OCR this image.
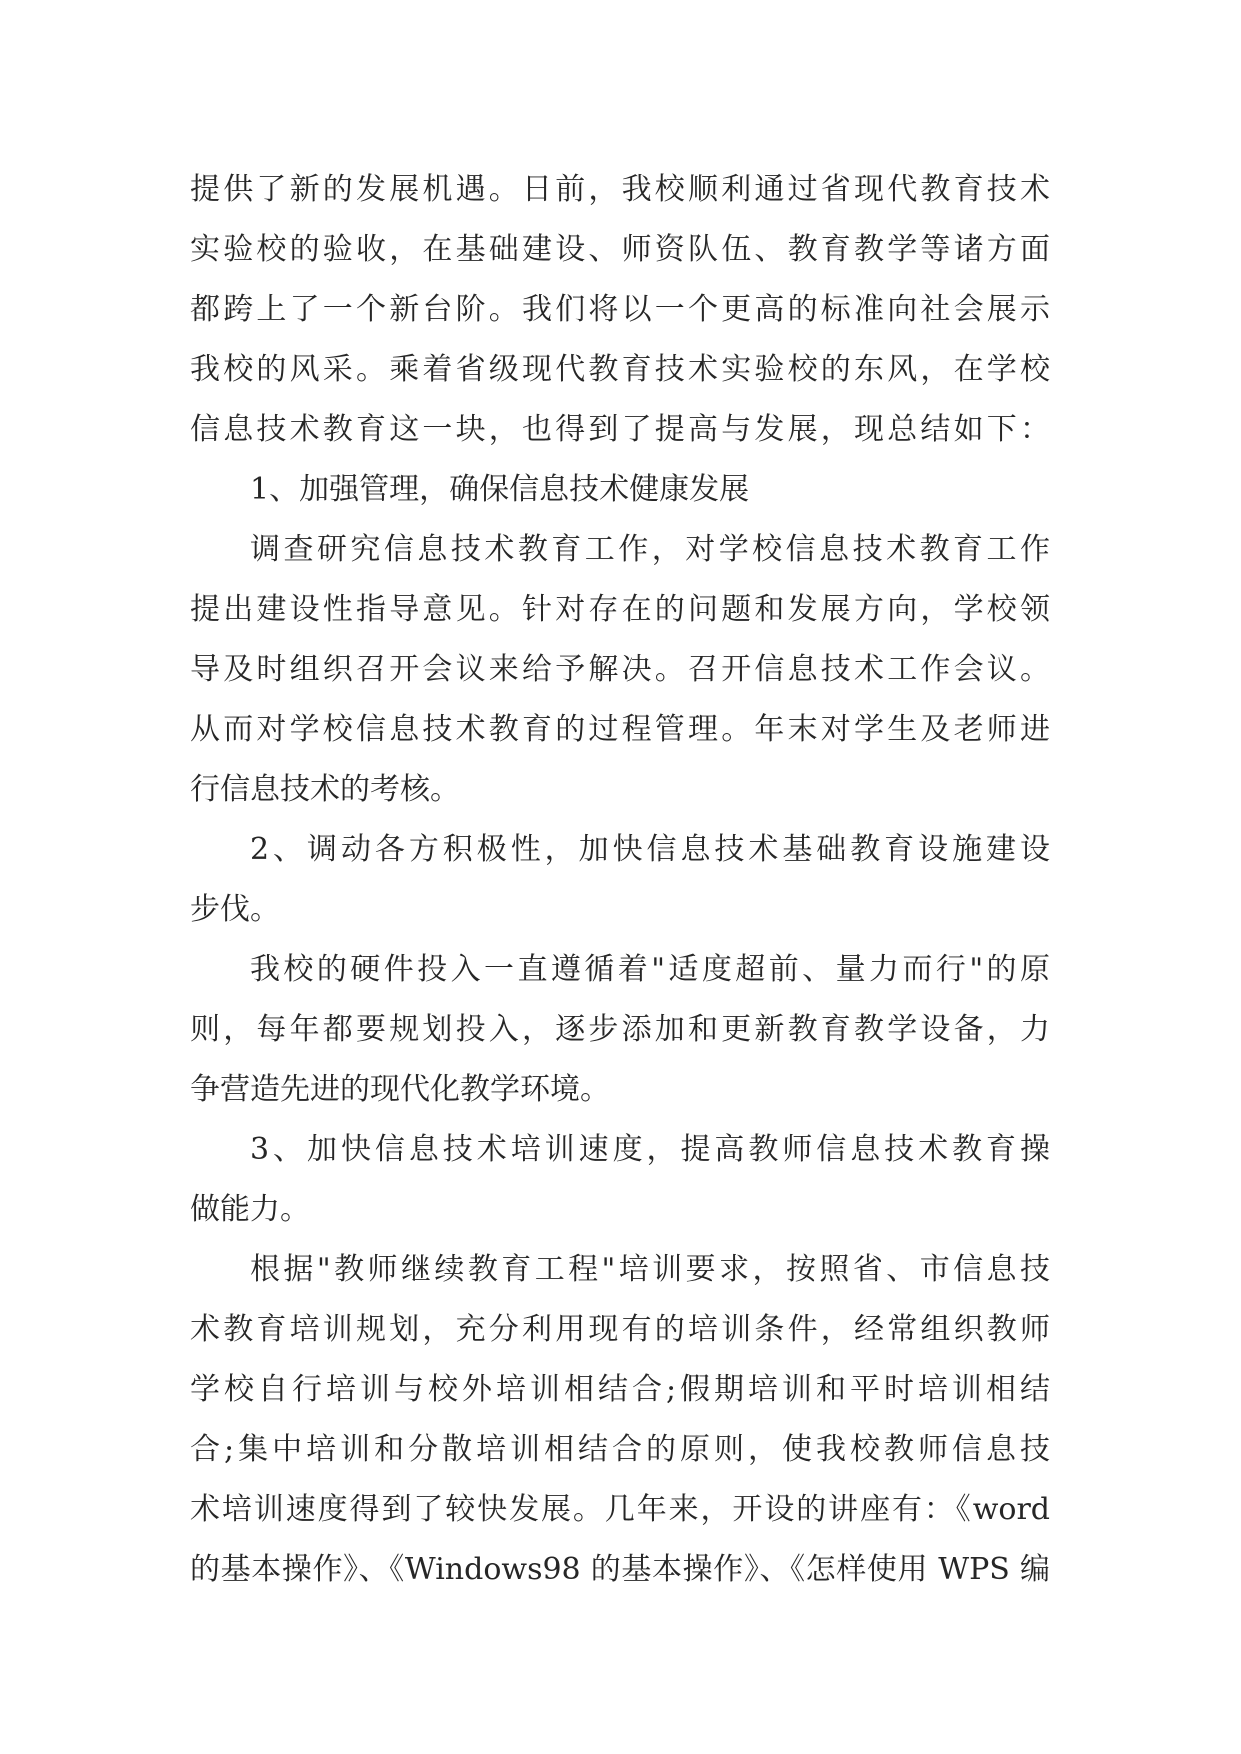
提供了新的发展机遇。日前，我校顺利通过省现代教育技术
实验校的验收，在基础建设、师资队伍、教育教学等诸方面
都跨上了一个新台阶。我们将以一个更高的标准向社会展示
我校的风采。乘着省级现代教育技术实验校的东风，在学校
信息技术教育这一块，也得到了提高与发展，现总结如下：
1、加强管理，确保信息技术健康发展
调查研究信息技术教育工作，对学校信息技术教育工作
提出建设性指导意见。针对存在的问题和发展方向，学校领
导及时组织召开会议来给予解决。召开信息技术工作会议。
从而对学校信息技术教育的过程管理。年末对学生及老师进
行信息技术的考核。
2、调动各方积极性，加快信息技术基础教育设施建设
步伐。
我校的硬件投入一直遵循着"适度超前、量力而行"的原
则，每年都要规划投入，逐步添加和更新教育教学设备，力
争营造先进的现代化教学环境。
3、加快信息技术培训速度，提高教师信息技术教育操
做能力。
根据"教师继续教育工程"培训要求，按照省、市信息技
术教育培训规划，充分利用现有的培训条件，经常组织教师
学校自行培训与校外培训相结合;假期培训和平时培训相结
合;集中培训和分散培训相结合的原则，使我校教师信息技
术培训速度得到了较快发展。几年来，开设的讲座有：《word
的基本操作》、《Windows98 的基本操作》、《怎样使用 WPS 编
